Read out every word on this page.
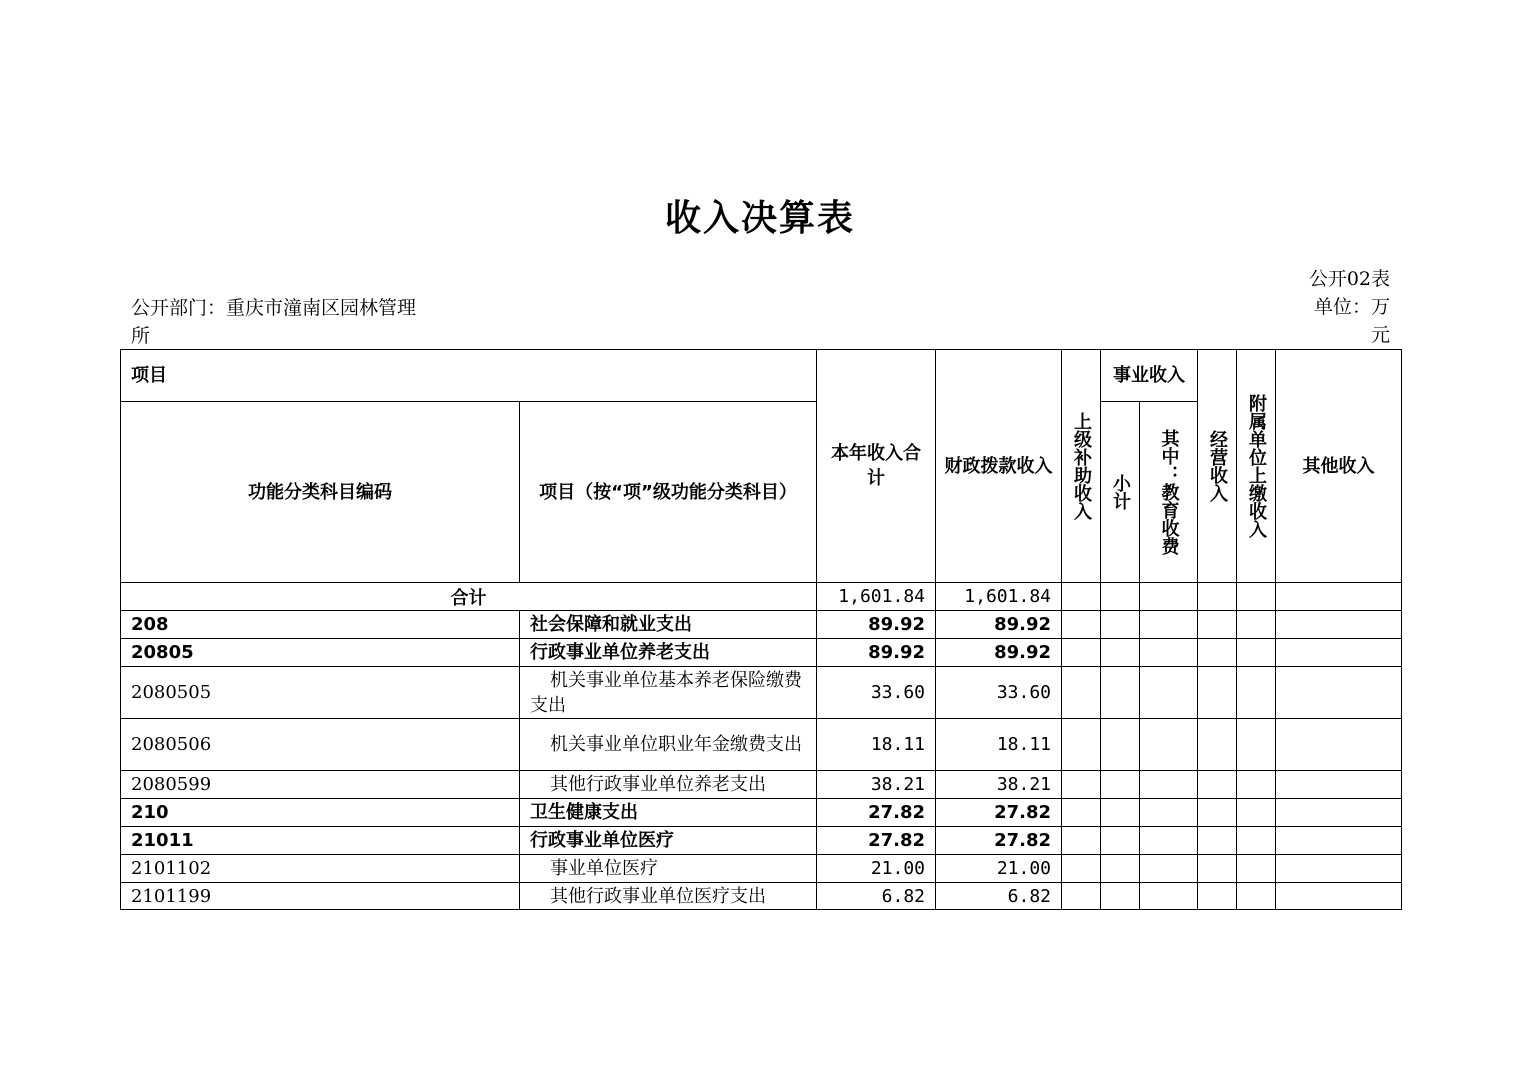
收入决算表
公开部门：重庆市潼南区园林管理
所
公开02表

单位：万
元
项目		本年收入合计	财政拨款收入	上级补助收入	事业收入		经营收入	附属单位上缴收入	其他收入
功能分类科目编码	项目（按“项”级功能分类科目）				小计	其中：教育收费			

合计		1,601.84	1,601.84						
208	社会保障和就业支出	89.92	89.92						
20805	行政事业单位养老支出	89.92	89.92						
2080505	机关事业单位基本养老保险缴费支出	33.60	33.60						
2080506	机关事业单位职业年金缴费支出	18.11	18.11						
2080599	其他行政事业单位养老支出	38.21	38.21						
210	卫生健康支出	27.82	27.82						
21011	行政事业单位医疗	27.82	27.82						
2101102	事业单位医疗	21.00	21.00						
2101199	其他行政事业单位医疗支出	6.82	6.82						
